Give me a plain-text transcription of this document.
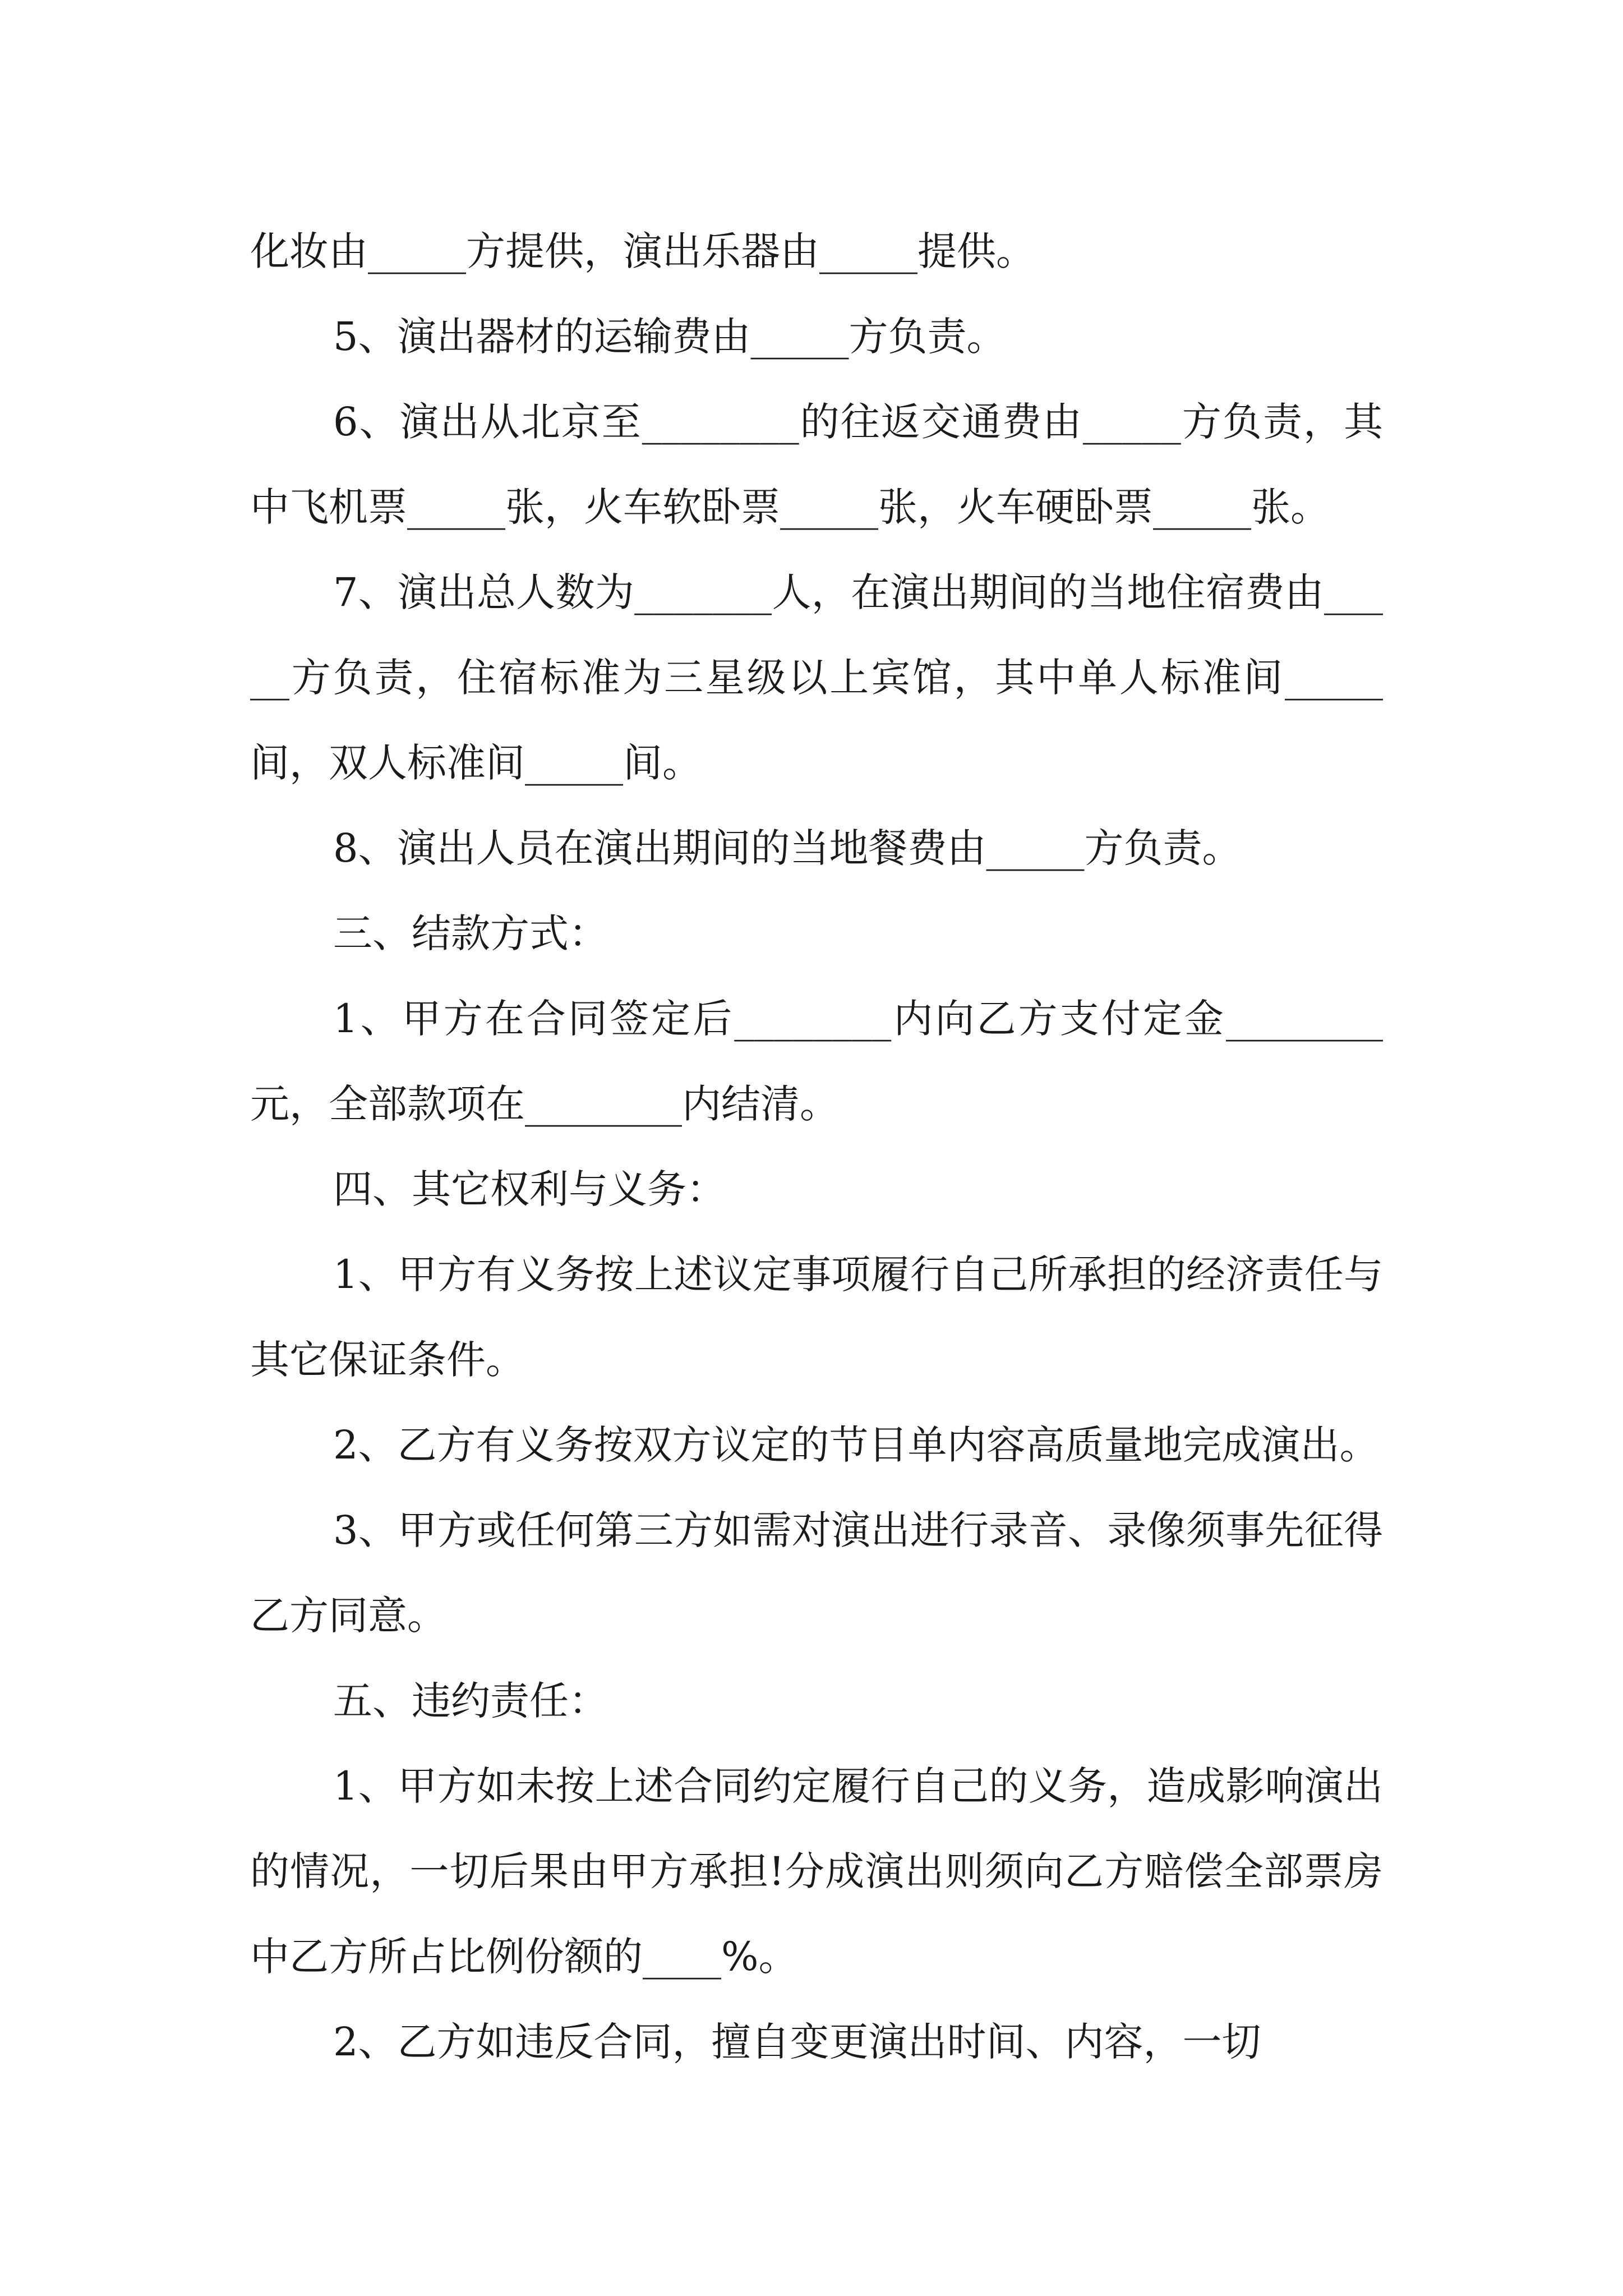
化妆由_____方提供，演出乐器由_____提供。

5、演出器材的运输费由_____方负责。

6、演出从北京至________的往返交通费由_____方负责，其中飞机票_____张，火车软卧票_____张，火车硬卧票_____张。

7、演出总人数为_______人，在演出期间的当地住宿费由_____方负责，住宿标准为三星级以上宾馆，其中单人标准间_____间，双人标准间_____间。

8、演出人员在演出期间的当地餐费由_____方负责。

三、结款方式：

1、甲方在合同签定后________内向乙方支付定金________元，全部款项在________内结清。

四、其它权利与义务：

1、甲方有义务按上述议定事项履行自己所承担的经济责任与其它保证条件。

2、乙方有义务按双方议定的节目单内容高质量地完成演出。

3、甲方或任何第三方如需对演出进行录音、录像须事先征得乙方同意。

五、违约责任：

1、甲方如未按上述合同约定履行自己的义务，造成影响演出的情况，一切后果由甲方承担!分成演出则须向乙方赔偿全部票房中乙方所占比例份额的____%。

2、乙方如违反合同，擅自变更演出时间、内容，一切
